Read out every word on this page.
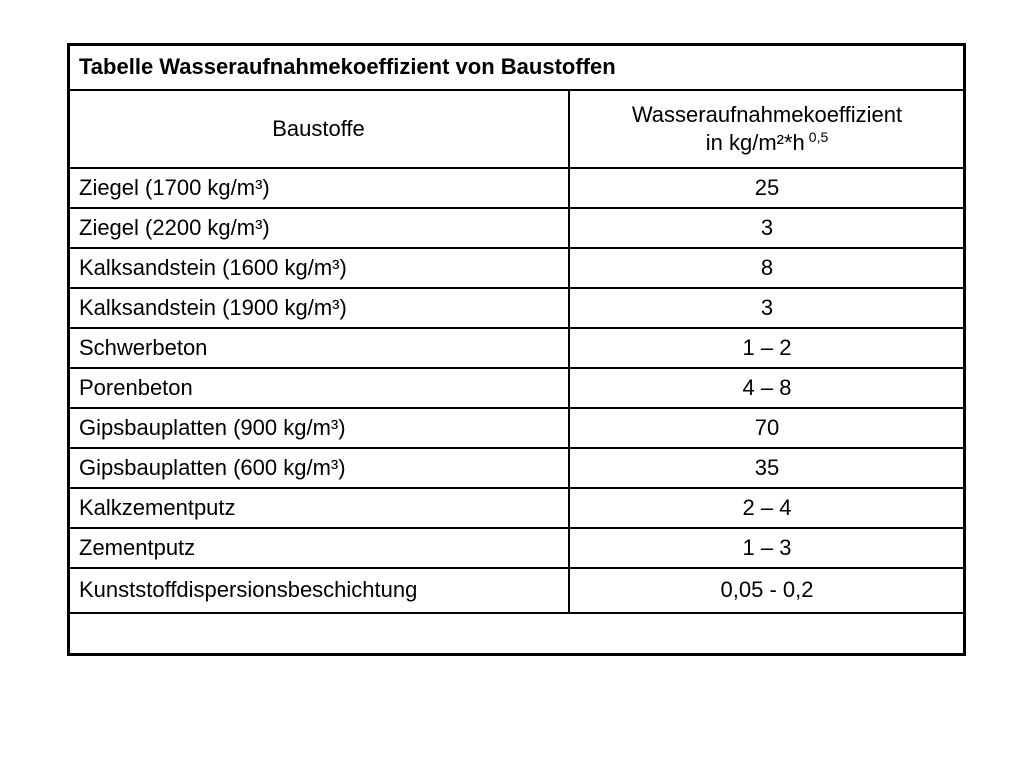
Tabelle Wasseraufnahmekoeffizient von Baustoffen	
Baustoffe	Wasseraufnahmekoeffizient
in kg/m²*h $^{0,5}$

Ziegel (1700 kg/m³)	25
Ziegel (2200 kg/m³)	3
Kalksandstein (1600 kg/m³)	8
Kalksandstein (1900 kg/m³)	3
Schwerbeton	1 – 2
Porenbeton	4 – 8
Gipsbauplatten (900 kg/m³)	70
Gipsbauplatten (600 kg/m³)	35
Kalkzementputz	2 – 4
Zementputz	1 – 3
Kunststoffdispersionsbeschichtung	0,05 - 0,2
